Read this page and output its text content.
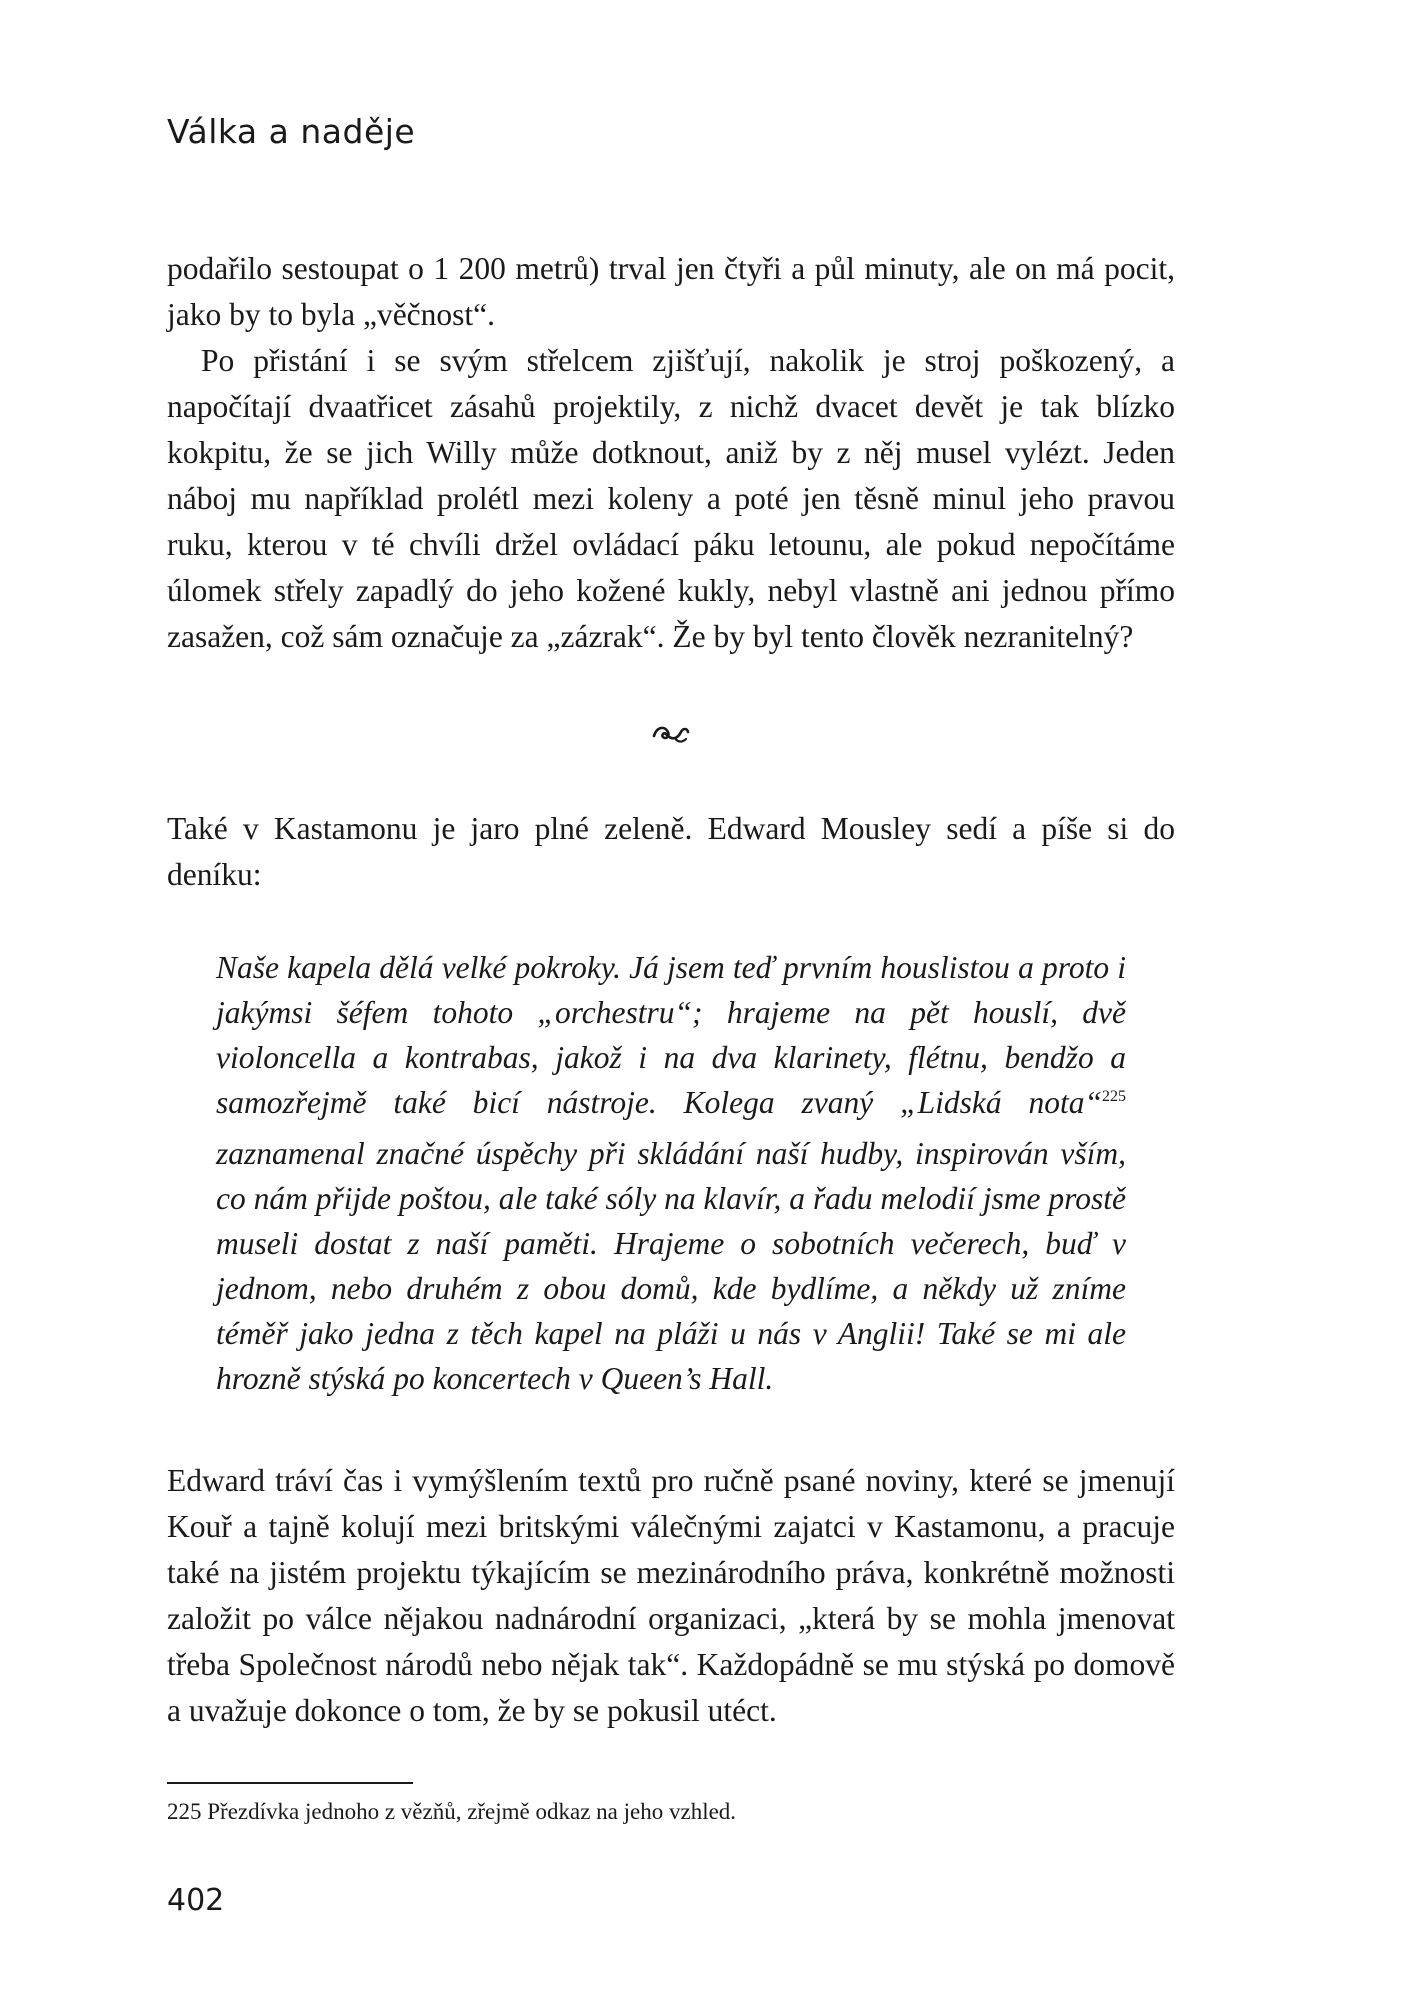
Válka a naděje

podařilo sestoupat o 1 200 metrů) trval jen čtyři a půl minuty, ale on má pocit, jako by to byla „věčnost“.

Po přistání i se svým střelcem zjišťují, nakolik je stroj poškozený, a napočítají dvaatřicet zásahů projektily, z nichž dvacet devět je tak blízko kokpitu, že se jich Willy může dotknout, aniž by z něj musel vylézt. Jeden náboj mu například prolétl mezi koleny a poté jen těsně minul jeho pravou ruku, kterou v té chvíli držel ovládací páku letounu, ale pokud nepočítáme úlomek střely zapadlý do jeho kožené kukly, nebyl vlastně ani jednou přímo zasažen, což sám označuje za „zázrak“. Že by byl tento člověk nezranitelný?

Také v Kastamonu je jaro plné zeleně. Edward Mousley sedí a píše si do deníku:

Naše kapela dělá velké pokroky. Já jsem teď prvním houslistou a proto i jakýmsi šéfem tohoto „orchestru“; hrajeme na pět houslí, dvě violoncella a kontrabas, jakož i na dva klarinety, flétnu, bendžo a samozřejmě také bicí nástroje. Kolega zvaný „Lidská nota“$^{225}$ zaznamenal značné úspěchy při skládání naší hudby, inspirován vším, co nám přijde poštou, ale také sóly na klavír, a řadu melodií jsme prostě museli dostat z naší paměti. Hrajeme o sobotních večerech, buď v jednom, nebo druhém z obou domů, kde bydlíme, a někdy už zníme téměř jako jedna z těch kapel na pláži u nás v Anglii! Také se mi ale hrozně stýská po koncertech v Queen’s Hall.

Edward tráví čas i vymýšlením textů pro ručně psané noviny, které se jmenují Kouř a tajně kolují mezi britskými válečnými zajatci v Kastamonu, a pracuje také na jistém projektu týkajícím se mezinárodního práva, konkrétně možnosti založit po válce nějakou nadnárodní organizaci, „která by se mohla jmenovat třeba Společnost národů nebo nějak tak“. Každopádně se mu stýská po domově a uvažuje dokonce o tom, že by se pokusil utéct.

225 Přezdívka jednoho z vězňů, zřejmě odkaz na jeho vzhled.
402
